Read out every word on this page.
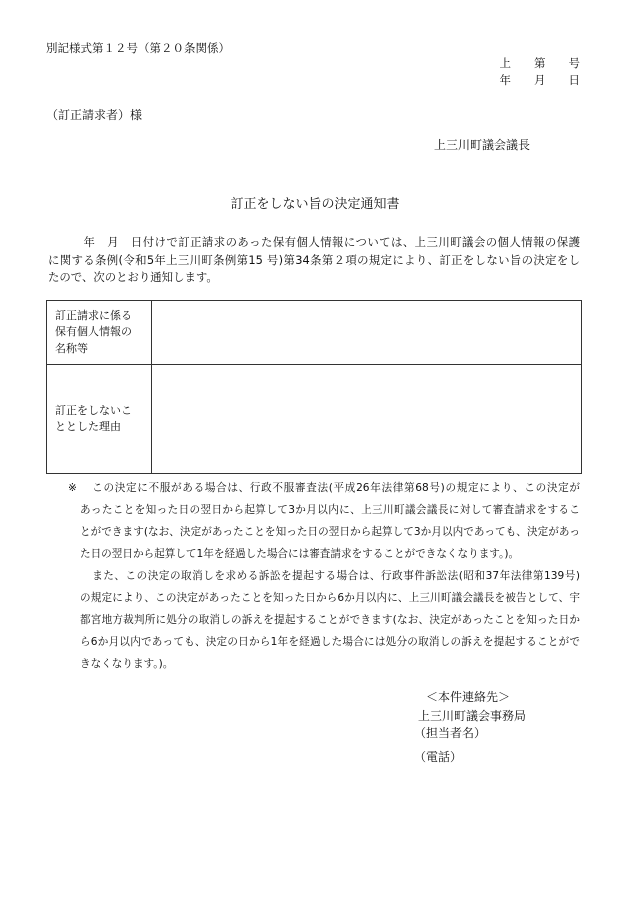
別記様式第１２号（第２０条関係）
上　　第　　号
年　　月　　日
（訂正請求者）様
上三川町議会議長
訂正をしない旨の決定通知書
　　　年　月　日付けで訂正請求のあった保有個人情報については、上三川町議会の個人情報の保護
に関する条例(令和5年上三川町条例第15 号)第34条第２項の規定により、訂正をしない旨の決定をし
たので、次のとおり通知します。
訂正請求に係る
保有個人情報の
名称等	

訂正をしないこ
ととした理由	

※	この決定に不服がある場合は、行政不服審査法(平成26年法律第68号)の規定により、この決定が
あったことを知った日の翌日から起算して3か月以内に、上三川町議会議長に対して審査請求をするこ
とができます(なお、決定があったことを知った日の翌日から起算して3か月以内であっても、決定があっ
た日の翌日から起算して1年を経過した場合には審査請求をすることができなくなります。)。
また、この決定の取消しを求める訴訟を提起する場合は、行政事件訴訟法(昭和37年法律第139号)
の規定により、この決定があったことを知った日から6か月以内に、上三川町議会議長を被告として、宇
都宮地方裁判所に処分の取消しの訴えを提起することができます(なお、決定があったことを知った日か
ら6か月以内であっても、決定の日から1年を経過した場合には処分の取消しの訴えを提起することがで
きなくなります。)。
＜本件連絡先＞
上三川町議会事務局
（担当者名）
（電話）
